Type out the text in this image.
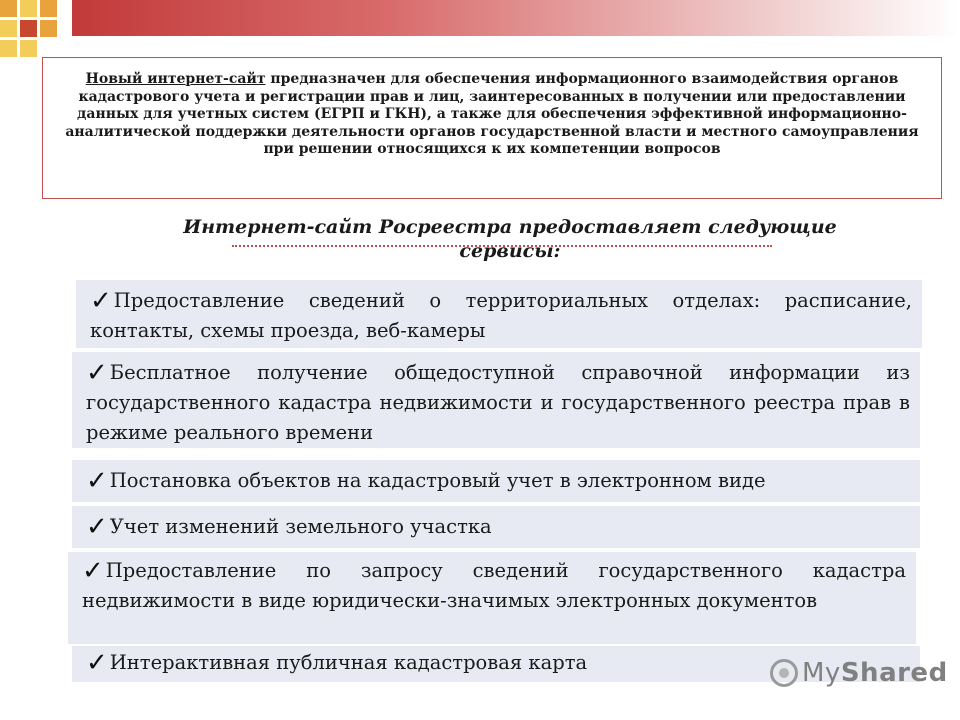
Новый интернет-сайт предназначен для обеспечения информационного взаимодействия органов кадастрового учета и регистрации прав и лиц, заинтересованных в получении или предоставлении данных для учетных систем (ЕГРП и ГКН), а также для обеспечения эффективной информационно-аналитической поддержки деятельности органов государственной власти и местного самоуправления при решении относящихся к их компетенции вопросов
Интернет-сайт Росреестра предоставляет следующие сервисы:
✓ Предоставление сведений о территориальных отделах: расписание, контакты, схемы проезда, веб-камеры
✓ Бесплатное получение общедоступной справочной информации из государственного кадастра недвижимости и государственного реестра прав в режиме реального времени
✓ Постановка объектов на кадастровый учет в электронном виде
✓ Учет изменений земельного участка
✓ Предоставление по запросу сведений государственного кадастра недвижимости в виде юридически-значимых электронных документов
✓ Интерактивная публичная кадастровая карта	My Shared
